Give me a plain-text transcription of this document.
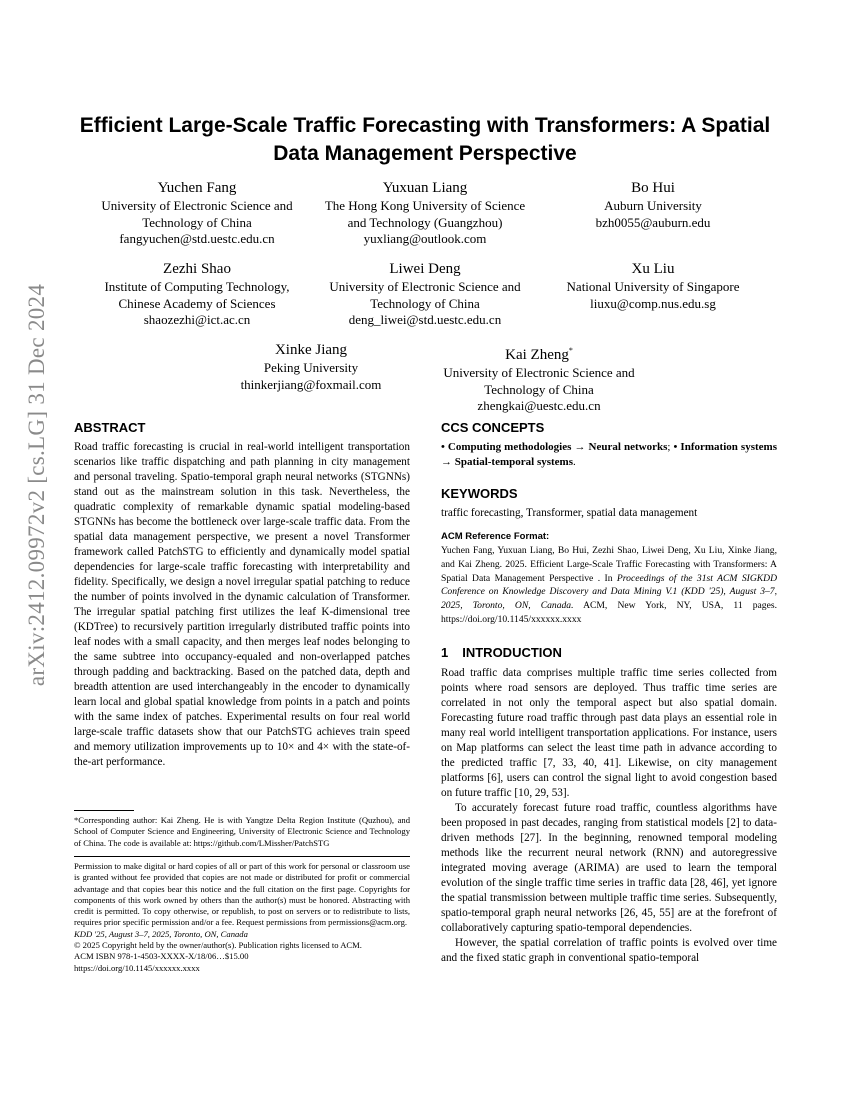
arXiv:2412.09972v2 [cs.LG] 31 Dec 2024
Efficient Large-Scale Traffic Forecasting with Transformers: A Spatial Data Management Perspective
Yuchen Fang
University of Electronic Science and
Technology of China
fangyuchen@std.uestc.edu.cn
Yuxuan Liang
The Hong Kong University of Science
and Technology (Guangzhou)
yuxliang@outlook.com
Bo Hui
Auburn University
bzh0055@auburn.edu
Zezhi Shao
Institute of Computing Technology,
Chinese Academy of Sciences
shaozezhi@ict.ac.cn
Liwei Deng
University of Electronic Science and
Technology of China
deng_liwei@std.uestc.edu.cn
Xu Liu
National University of Singapore
liuxu@comp.nus.edu.sg
Xinke Jiang
Peking University
thinkerjiang@foxmail.com
Kai Zheng*
University of Electronic Science and
Technology of China
zhengkai@uestc.edu.cn
ABSTRACT
Road traffic forecasting is crucial in real-world intelligent transportation scenarios like traffic dispatching and path planning in city management and personal traveling. Spatio-temporal graph neural networks (STGNNs) stand out as the mainstream solution in this task. Nevertheless, the quadratic complexity of remarkable dynamic spatial modeling-based STGNNs has become the bottleneck over large-scale traffic data. From the spatial data management perspective, we present a novel Transformer framework called PatchSTG to efficiently and dynamically model spatial dependencies for large-scale traffic forecasting with interpretability and fidelity. Specifically, we design a novel irregular spatial patching to reduce the number of points involved in the dynamic calculation of Transformer. The irregular spatial patching first utilizes the leaf K-dimensional tree (KDTree) to recursively partition irregularly distributed traffic points into leaf nodes with a small capacity, and then merges leaf nodes belonging to the same subtree into occupancy-equaled and non-overlapped patches through padding and backtracking. Based on the patched data, depth and breadth attention are used interchangeably in the encoder to dynamically learn local and global spatial knowledge from points in a patch and points with the same index of patches. Experimental results on four real world large-scale traffic datasets show that our PatchSTG achieves train speed and memory utilization improvements up to 10× and 4× with the state-of-the-art performance.
*Corresponding author: Kai Zheng. He is with Yangtze Delta Region Institute (Quzhou), and School of Computer Science and Engineering, University of Electronic Science and Technology of China. The code is available at: https://github.com/LMissher/PatchSTG
Permission to make digital or hard copies of all or part of this work for personal or classroom use is granted without fee provided that copies are not made or distributed for profit or commercial advantage and that copies bear this notice and the full citation on the first page. Copyrights for components of this work owned by others than the author(s) must be honored. Abstracting with credit is permitted. To copy otherwise, or republish, to post on servers or to redistribute to lists, requires prior specific permission and/or a fee. Request permissions from permissions@acm.org.
KDD '25, August 3–7, 2025, Toronto, ON, Canada
© 2025 Copyright held by the owner/author(s). Publication rights licensed to ACM.
ACM ISBN 978-1-4503-XXXX-X/18/06…$15.00
https://doi.org/10.1145/xxxxxx.xxxx
CCS CONCEPTS
• Computing methodologies → Neural networks; • Information systems → Spatial-temporal systems.
KEYWORDS
traffic forecasting, Transformer, spatial data management
ACM Reference Format:
Yuchen Fang, Yuxuan Liang, Bo Hui, Zezhi Shao, Liwei Deng, Xu Liu, Xinke Jiang, and Kai Zheng. 2025. Efficient Large-Scale Traffic Forecasting with Transformers: A Spatial Data Management Perspective . In Proceedings of the 31st ACM SIGKDD Conference on Knowledge Discovery and Data Mining V.1 (KDD '25), August 3–7, 2025, Toronto, ON, Canada. ACM, New York, NY, USA, 11 pages. https://doi.org/10.1145/xxxxxx.xxxx
1 INTRODUCTION
Road traffic data comprises multiple traffic time series collected from points where road sensors are deployed. Thus traffic time series are correlated in not only the temporal aspect but also spatial domain. Forecasting future road traffic through past data plays an essential role in many real world intelligent transportation applications. For instance, users on Map platforms can select the least time path in advance according to the predicted traffic [7, 33, 40, 41]. Likewise, on city management platforms [6], users can control the signal light to avoid congestion based on future traffic [10, 29, 53].
To accurately forecast future road traffic, countless algorithms have been proposed in past decades, ranging from statistical models [2] to data-driven methods [27]. In the beginning, renowned temporal modeling methods like the recurrent neural network (RNN) and autoregressive integrated moving average (ARIMA) are used to learn the temporal evolution of the single traffic time series in traffic data [28, 46], yet ignore the spatial transmission between multiple traffic time series. Subsequently, spatio-temporal graph neural networks [26, 45, 55] are at the forefront of collaboratively capturing spatio-temporal dependencies.
However, the spatial correlation of traffic points is evolved over time and the fixed static graph in conventional spatio-temporal
